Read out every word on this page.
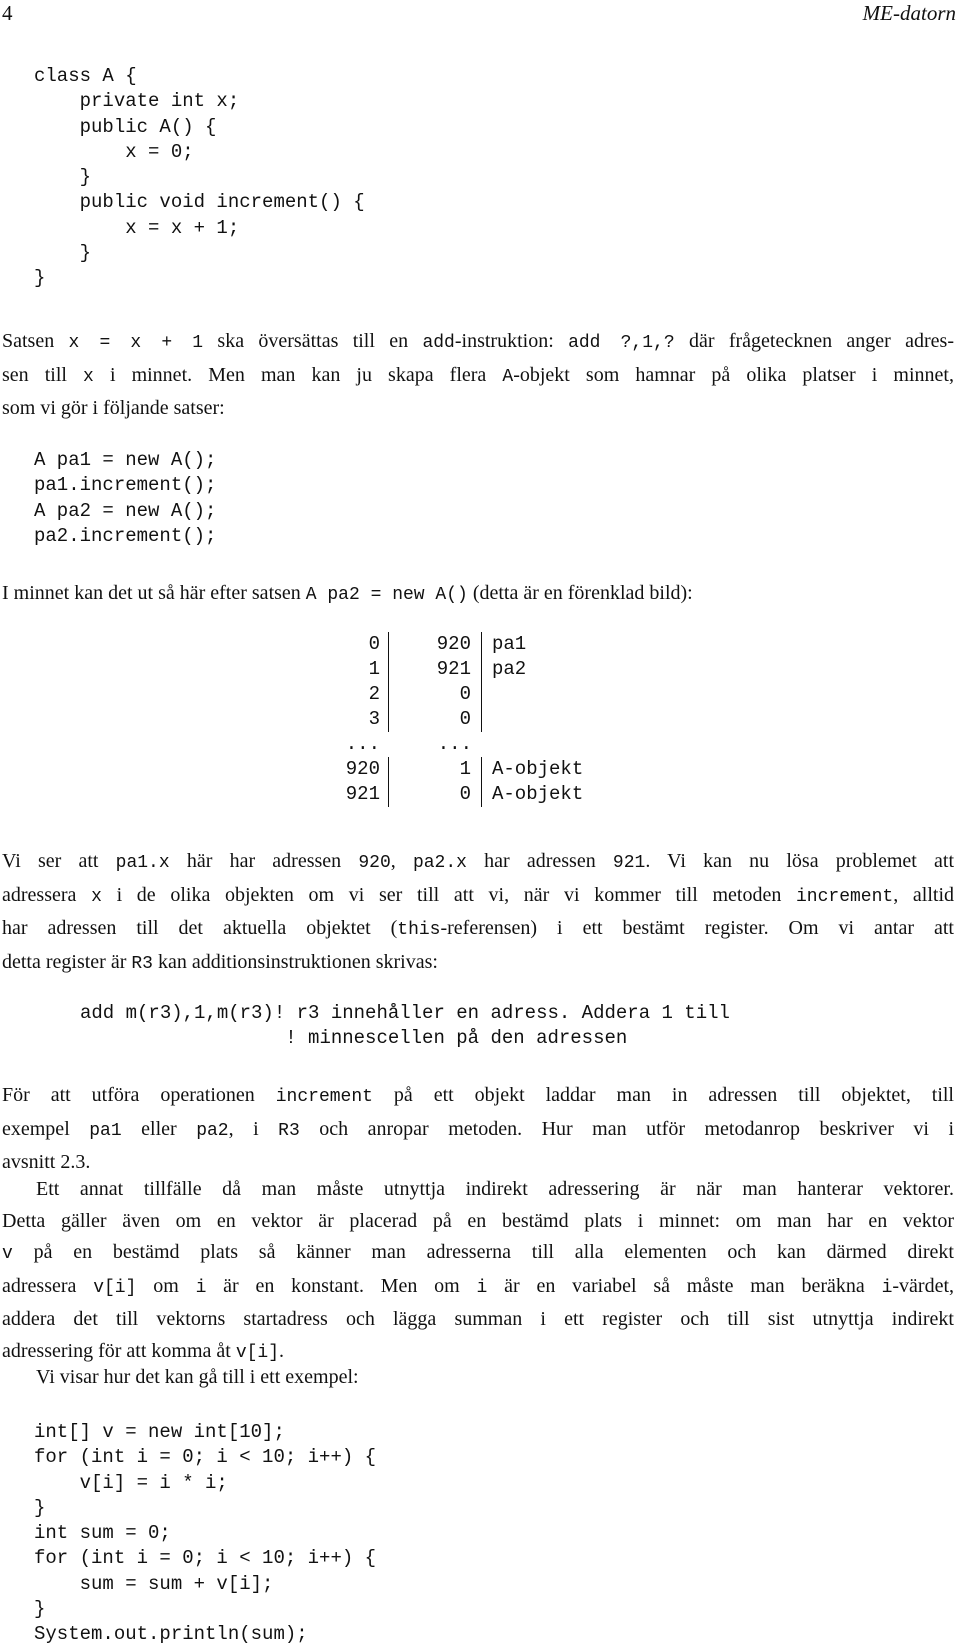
4	ME-datorn
class A {
private int x;
public A() {
x = 0;
}
public void increment() {
x = x + 1;
}
}
Satsen x = x + 1 ska översättas till en add-instruktion: add ?,1,? där frågetecknen anger adres-
sen till x i minnet. Men man kan ju skapa flera A-objekt som hamnar på olika platser i minnet,
som vi gör i följande satser:
A pa1 = new A();
pa1.increment();
A pa2 = new A();
pa2.increment();
I minnet kan det ut så här efter satsen A pa2 = new A() (detta är en förenklad bild):
0	920	pa1
1	921	pa2
2	0
3	0
...	...
920	1	A-objekt
921	0	A-objekt
Vi ser att pa1.x här har adressen 920, pa2.x har adressen 921. Vi kan nu lösa problemet att
adressera x i de olika objekten om vi ser till att vi, när vi kommer till metoden increment, alltid
har adressen till det aktuella objektet (this-referensen) i ett bestämt register. Om vi antar att
detta register är R3 kan additionsinstruktionen skrivas:
add m(r3),1,m(r3)! r3 innehåller en adress. Addera 1 till
! minnescellen på den adressen
För att utföra operationen increment på ett objekt laddar man in adressen till objektet, till
exempel pa1 eller pa2, i R3 och anropar metoden. Hur man utför metodanrop beskriver vi i
avsnitt 2.3.
Ett annat tillfälle då man måste utnyttja indirekt adressering är när man hanterar vektorer.
Detta gäller även om en vektor är placerad på en bestämd plats i minnet: om man har en vektor
v på en bestämd plats så känner man adresserna till alla elementen och kan därmed direkt
adressera v[i] om i är en konstant. Men om i är en variabel så måste man beräkna i-värdet,
addera det till vektorns startadress och lägga summan i ett register och till sist utnyttja indirekt
adressering för att komma åt v[i].
Vi visar hur det kan gå till i ett exempel:
int[] v = new int[10];
for (int i = 0; i < 10; i++) {
v[i] = i * i;
}
int sum = 0;
for (int i = 0; i < 10; i++) {
sum = sum + v[i];
}
System.out.println(sum);
